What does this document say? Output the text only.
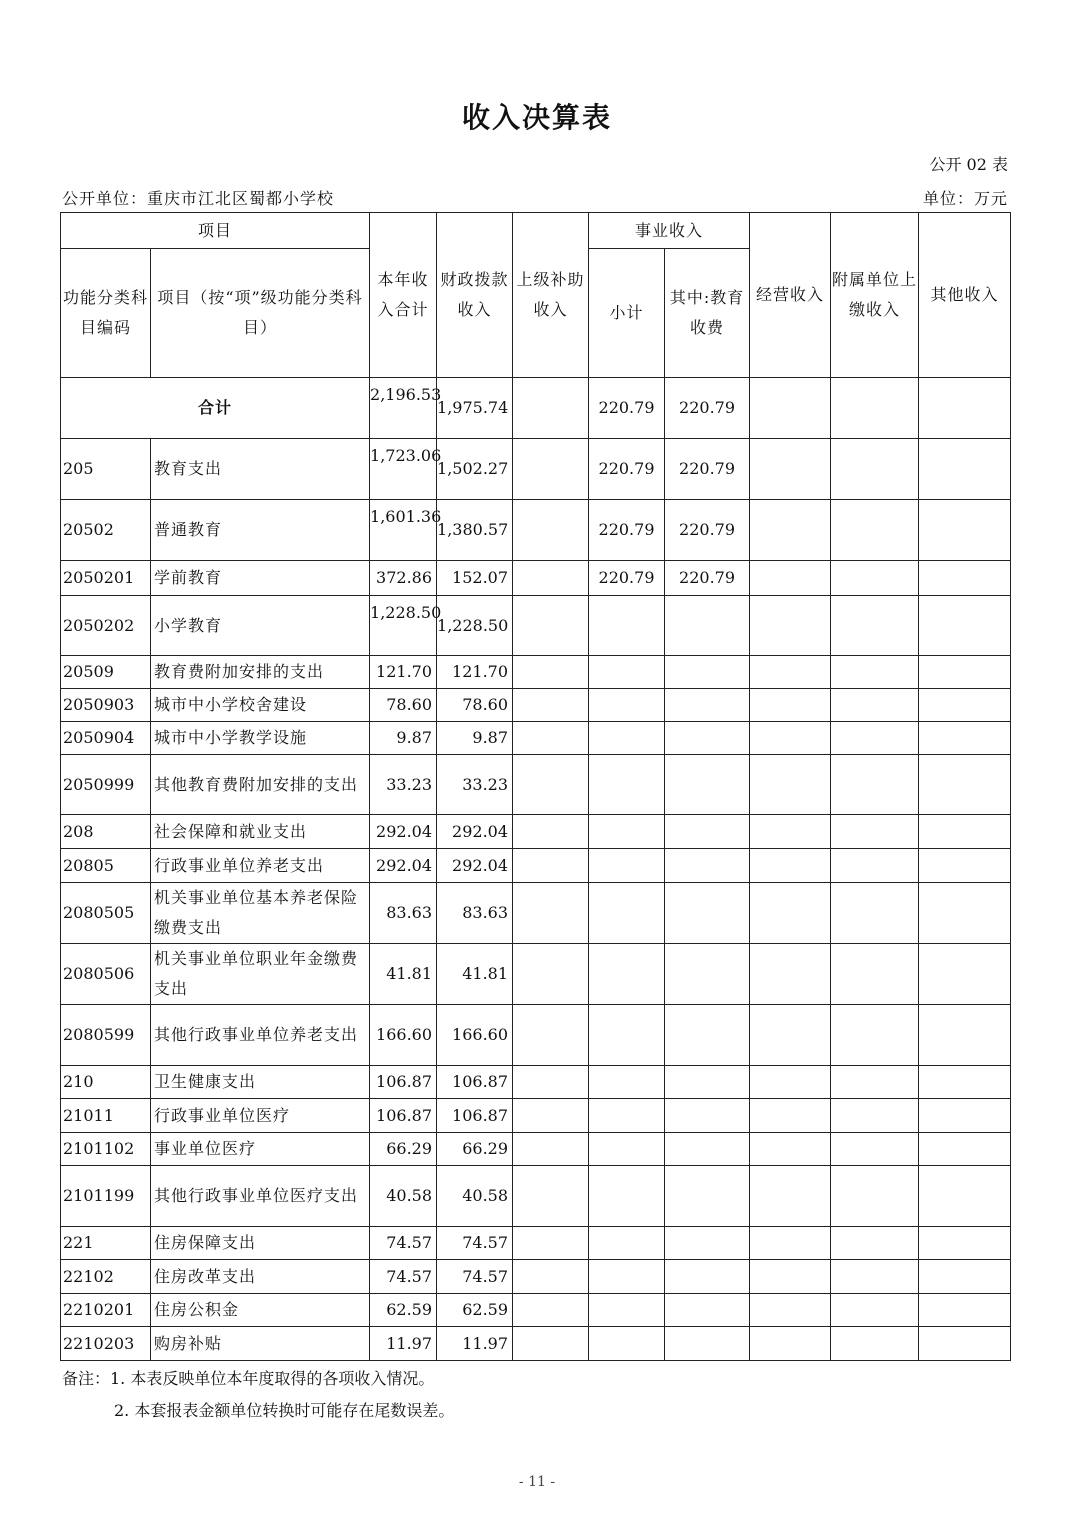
收入决算表
公开 02 表
公开单位：重庆市江北区蜀都小学校	单位：万元
项目		本年收入合计	财政拨款收入	上级补助收入	事业收入		经营收入	附属单位上缴收入	其他收入
功能分类科目编码	项目（按“项”级功能分类科目）				小计	其中:教育收费			
合计		2,196.53	1,975.74		220.79	220.79			
205	教育支出	1,723.06	1,502.27		220.79	220.79			
20502	普通教育	1,601.36	1,380.57		220.79	220.79			
2050201	学前教育	372.86	152.07		220.79	220.79			
2050202	小学教育	1,228.50	1,228.50						
20509	教育费附加安排的支出	121.70	121.70						
2050903	城市中小学校舍建设	78.60	78.60						
2050904	城市中小学教学设施	9.87	9.87						
2050999	其他教育费附加安排的支出	33.23	33.23						
208	社会保障和就业支出	292.04	292.04						
20805	行政事业单位养老支出	292.04	292.04						
2080505	机关事业单位基本养老保险缴费支出	83.63	83.63						
2080506	机关事业单位职业年金缴费支出	41.81	41.81						
2080599	其他行政事业单位养老支出	166.60	166.60						
210	卫生健康支出	106.87	106.87						
21011	行政事业单位医疗	106.87	106.87						
2101102	事业单位医疗	66.29	66.29						
2101199	其他行政事业单位医疗支出	40.58	40.58						
221	住房保障支出	74.57	74.57						
22102	住房改革支出	74.57	74.57						
2210201	住房公积金	62.59	62.59						
2210203	购房补贴	11.97	11.97						
备注：1. 本表反映单位本年度取得的各项收入情况。
2. 本套报表金额单位转换时可能存在尾数误差。
- 11 -
